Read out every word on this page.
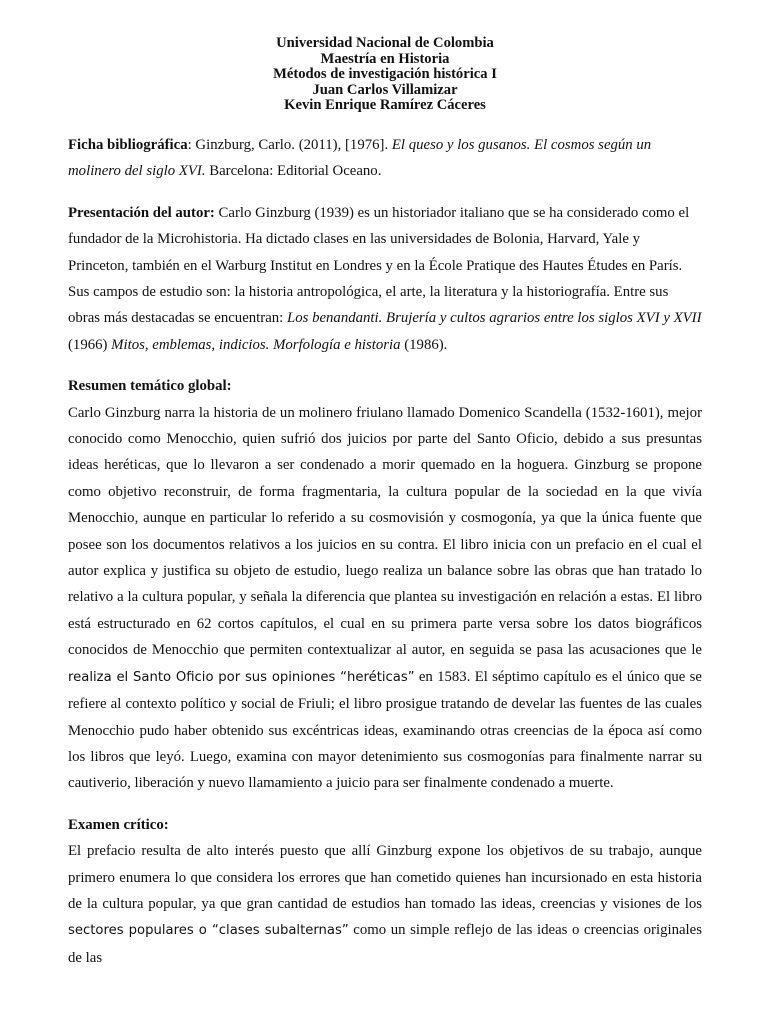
Universidad Nacional de Colombia
Maestría en Historia
Métodos de investigación histórica I
Juan Carlos Villamizar
Kevin Enrique Ramírez Cáceres

Ficha bibliográfica: Ginzburg, Carlo. (2011), [1976]. El queso y los gusanos. El cosmos según un molinero del siglo XVI. Barcelona: Editorial Oceano.

Presentación del autor: Carlo Ginzburg (1939) es un historiador italiano que se ha considerado como el fundador de la Microhistoria. Ha dictado clases en las universidades de Bolonia, Harvard, Yale y Princeton, también en el Warburg Institut en Londres y en la École Pratique des Hautes Études en París. Sus campos de estudio son: la historia antropológica, el arte, la literatura y la historiografía. Entre sus obras más destacadas se encuentran: Los benandanti. Brujería y cultos agrarios entre los siglos XVI y XVII (1966) Mitos, emblemas, indicios. Morfología e historia (1986).

Resumen temático global:

Carlo Ginzburg narra la historia de un molinero friulano llamado Domenico Scandella (1532-1601), mejor conocido como Menocchio, quien sufrió dos juicios por parte del Santo Oficio, debido a sus presuntas ideas heréticas, que lo llevaron a ser condenado a morir quemado en la hoguera. Ginzburg se propone como objetivo reconstruir, de forma fragmentaria, la cultura popular de la sociedad en la que vivía Menocchio, aunque en particular lo referido a su cosmovisión y cosmogonía, ya que la única fuente que posee son los documentos relativos a los juicios en su contra. El libro inicia con un prefacio en el cual el autor explica y justifica su objeto de estudio, luego realiza un balance sobre las obras que han tratado lo relativo a la cultura popular, y señala la diferencia que plantea su investigación en relación a estas. El libro está estructurado en 62 cortos capítulos, el cual en su primera parte versa sobre los datos biográficos conocidos de Menocchio que permiten contextualizar al autor, en seguida se pasa las acusaciones que le realiza el Santo Oficio por sus opiniones “heréticas” en 1583. El séptimo capítulo es el único que se refiere al contexto político y social de Friuli; el libro prosigue tratando de develar las fuentes de las cuales Menocchio pudo haber obtenido sus excéntricas ideas, examinando otras creencias de la época así como los libros que leyó. Luego, examina con mayor detenimiento sus cosmogonías para finalmente narrar su cautiverio, liberación y nuevo llamamiento a juicio para ser finalmente condenado a muerte.

Examen crítico:

El prefacio resulta de alto interés puesto que allí Ginzburg expone los objetivos de su trabajo, aunque primero enumera lo que considera los errores que han cometido quienes han incursionado en esta historia de la cultura popular, ya que gran cantidad de estudios han tomado las ideas, creencias y visiones de los sectores populares o “clases subalternas” como un simple reflejo de las ideas o creencias originales de las
